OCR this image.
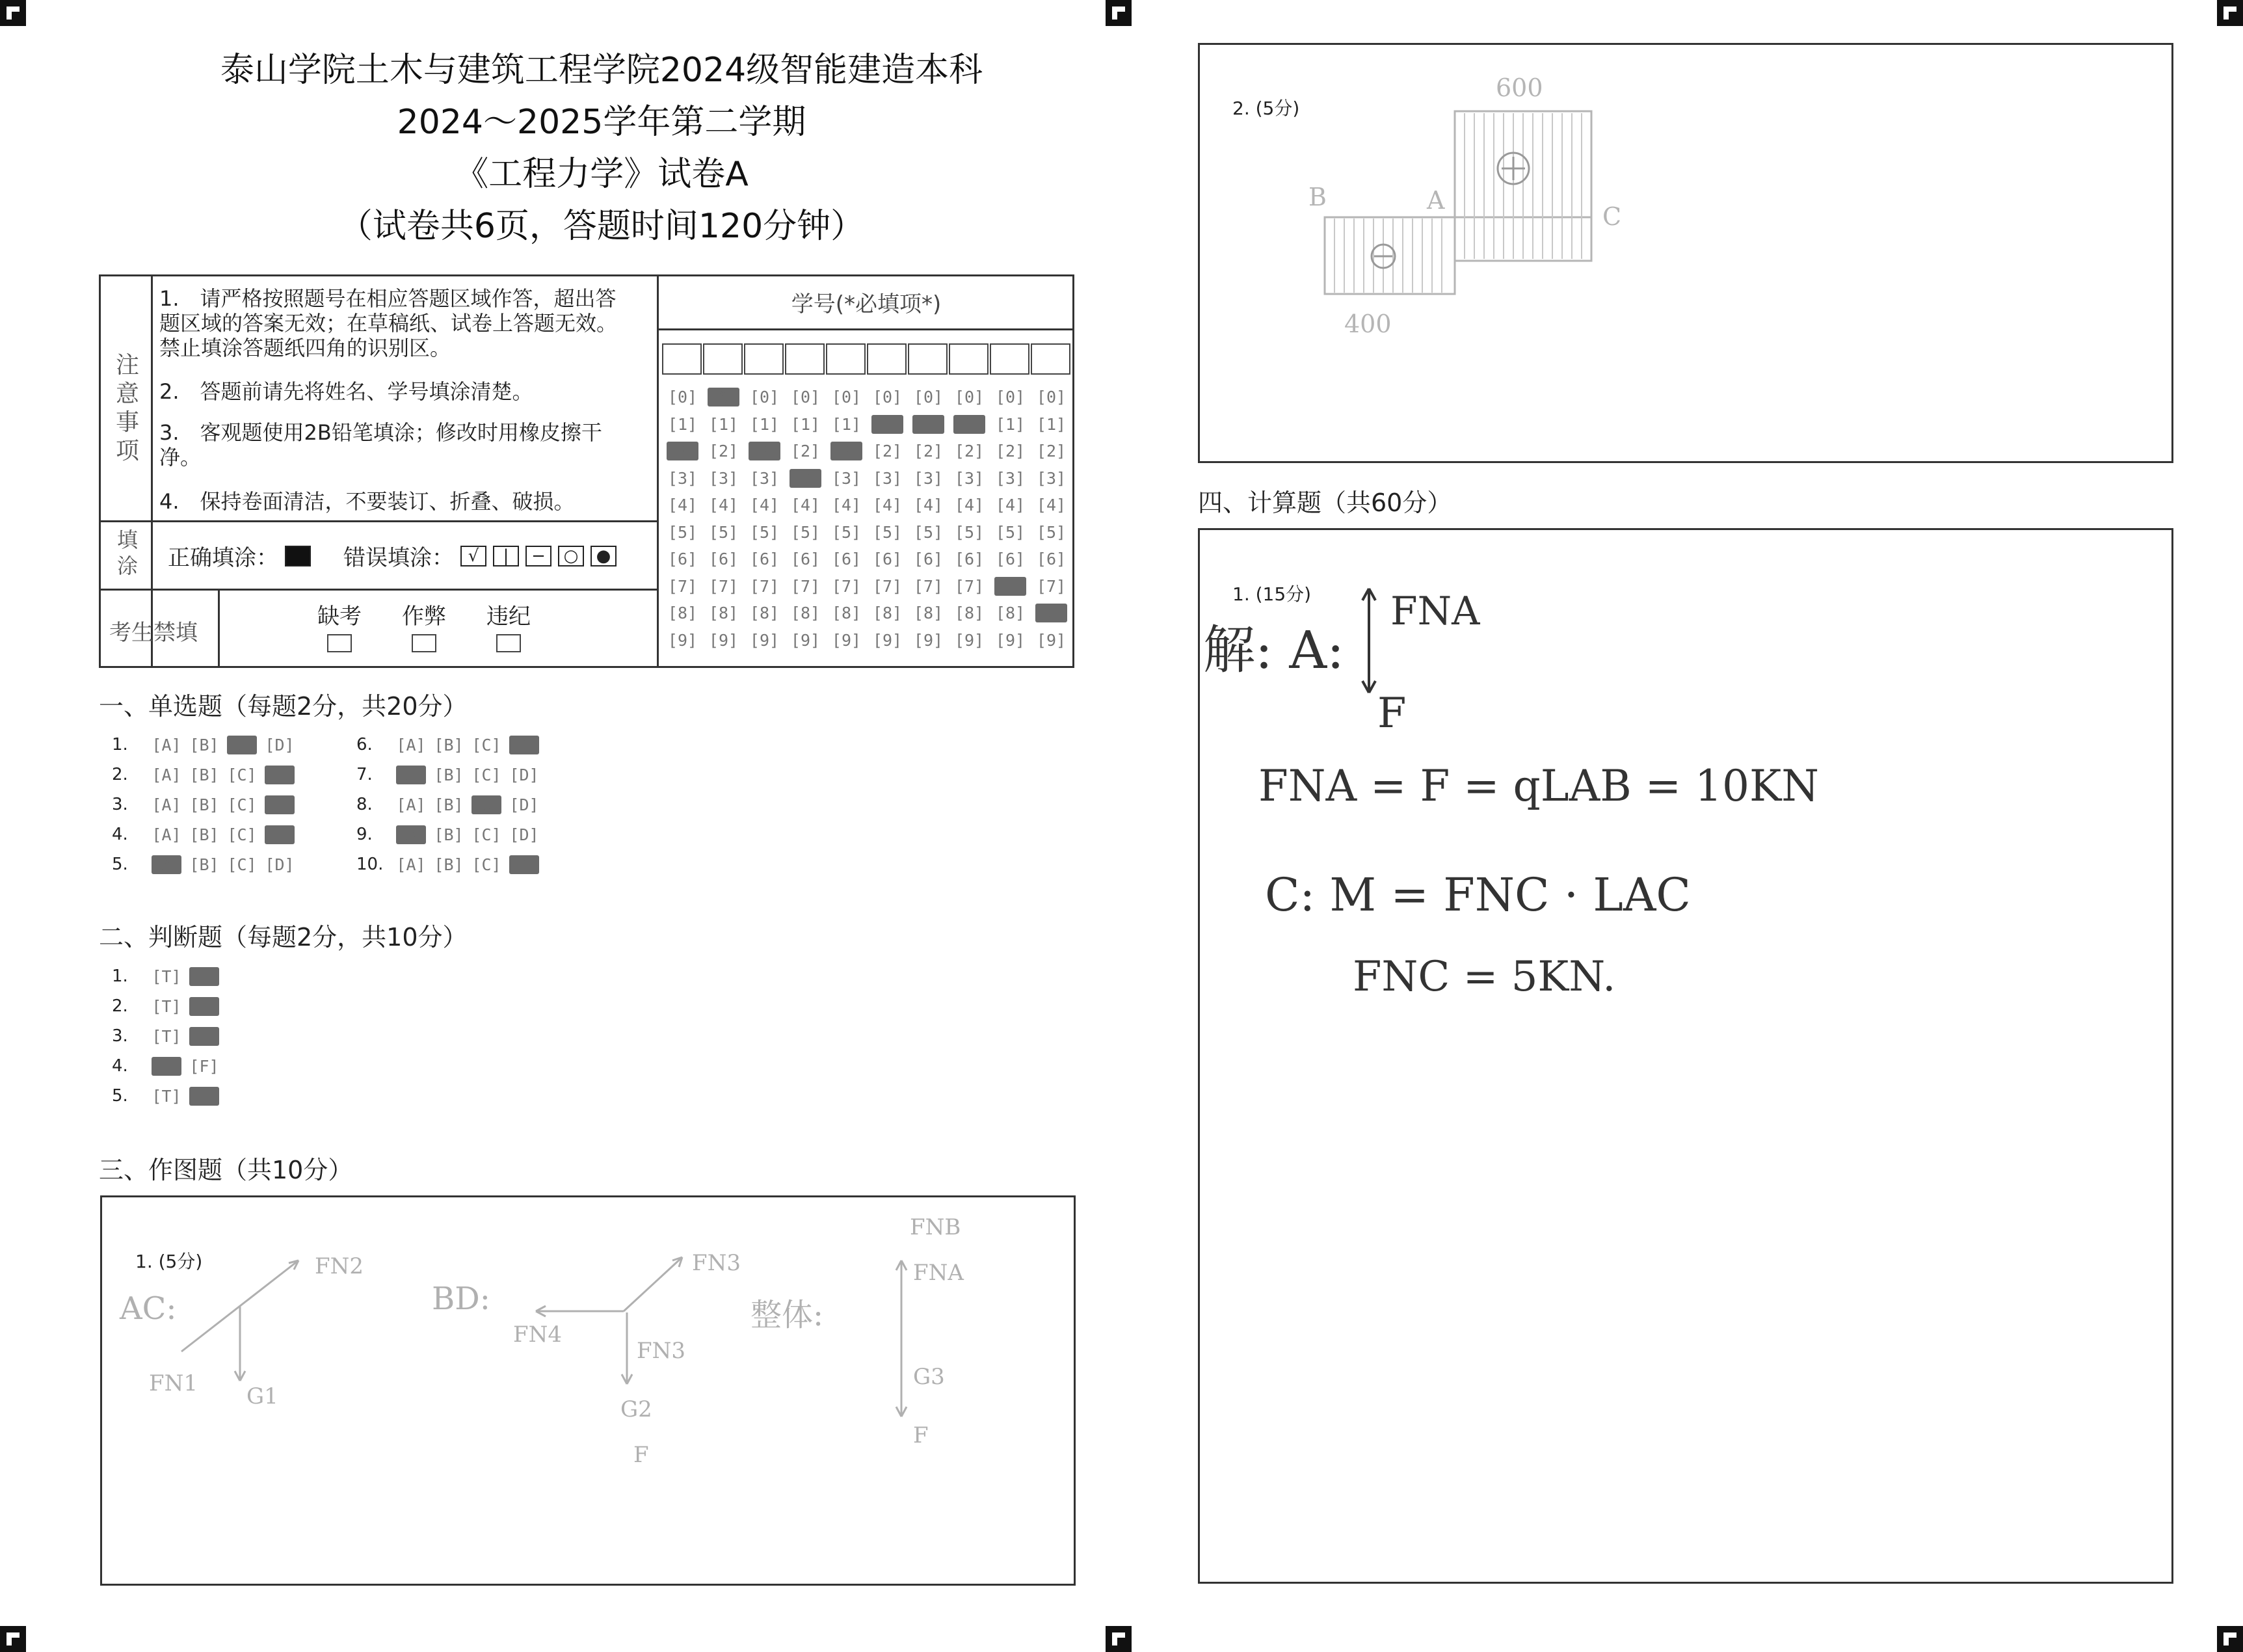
泰山学院土木与建筑工程学院2024级智能建造本科
2024～2025学年第二学期
《工程力学》试卷A
（试卷共6页，答题时间120分钟）
注意事项
1.　请严格按照题号在相应答题区域作答，超出答题区域的答案无效；在草稿纸、试卷上答题无效。禁止填涂答题纸四角的识别区。
2.　答题前请先将姓名、学号填涂清楚。
3.　客观题使用2B铅笔填涂；修改时用橡皮擦干净。
4.　保持卷面清洁，不要装订、折叠、破损。
填涂	正确填涂：	错误填涂： √	|	−	○	●
考生禁填
缺考	作弊	违纪
学号(*必填项*)
[0] [0] [0] [0] [0] [0] [0] [0] [0] [0]
[1] [1] [1] [1] [1] [1] [1] [1] [1] [1]
[2] [2] [2] [2] [2] [2] [2] [2] [2] [2]
[3] [3] [3] [3] [3] [3] [3] [3] [3] [3]
[4] [4] [4] [4] [4] [4] [4] [4] [4] [4]
[5] [5] [5] [5] [5] [5] [5] [5] [5] [5]
[6] [6] [6] [6] [6] [6] [6] [6] [6] [6]
[7] [7] [7] [7] [7] [7] [7] [7] [7] [7]
[8] [8] [8] [8] [8] [8] [8] [8] [8] [8]
[9] [9] [9] [9] [9] [9] [9] [9] [9] [9]
一、单选题（每题2分，共20分）
1.	[A] [B] [C] [D]
2.	[A] [B] [C] [D]
3.	[A] [B] [C] [D]
4.	[A] [B] [C] [D]
5.	[A] [B] [C] [D]
6.	[A] [B] [C] [D]
7.	[A] [B] [C] [D]
8.	[A] [B] [C] [D]
9.	[A] [B] [C] [D]
10. [A] [B] [C] [D]
二、判断题（每题2分，共10分）
1.	[T] [F]
2.	[T] [F]
3.	[T] [F]
4.	[T] [F]
5.	[T] [F]
三、作图题（共10分）
1. (5分)
AC:	BD:	整体:
FN2
FN1 G1
FN3
FN4
FN3
G2
F
FNB
FNA
G3
F
2. (5分)
600
400
B	A
C
四、计算题（共60分）
1. (15分)
解: A:
FNA
F
FNA = F = qLAB = 10KN
C: M = FNC · LAC
FNC = 5KN.
